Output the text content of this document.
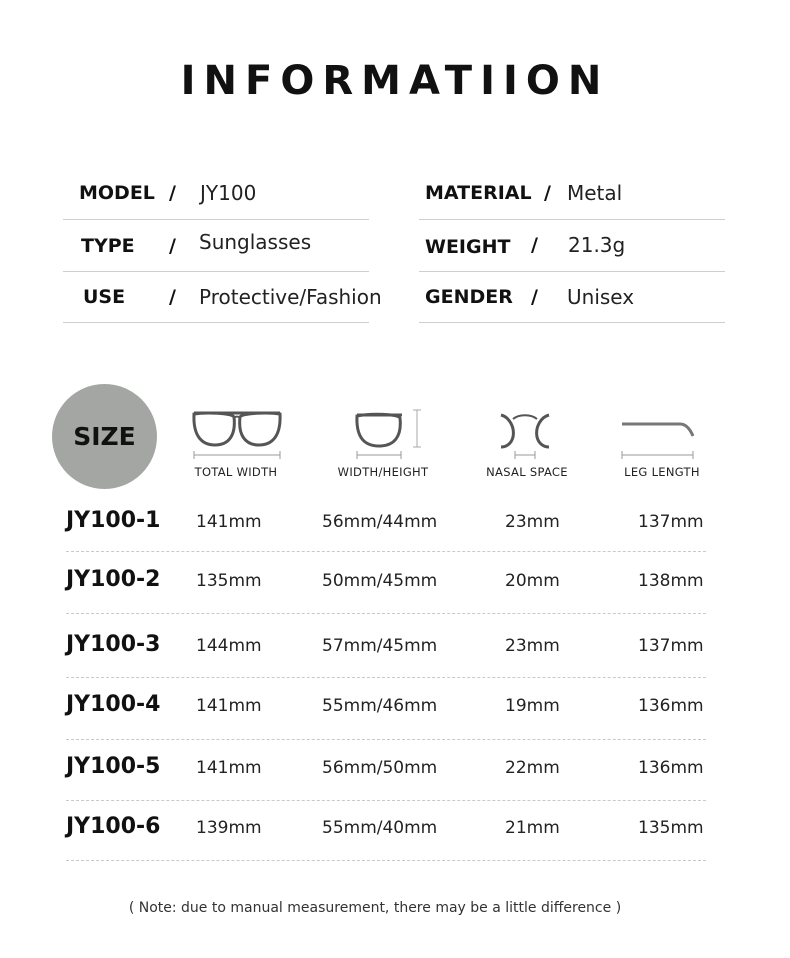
INFORMATIION
MODEL / JY100
TYPE / Sunglasses
USE / Protective/Fashion
MATERIAL / Metal
WEIGHT / 21.3g
GENDER / Unisex
SIZE
TOTAL WIDTH	WIDTH/HEIGHT	NASAL SPACE	LEG LENGTH
JY100-1 141mm	56mm/44mm	23mm	137mm
JY100-2 135mm	50mm/45mm	20mm	138mm
JY100-3 144mm	57mm/45mm	23mm	137mm
JY100-4 141mm	55mm/46mm	19mm	136mm
JY100-5 141mm	56mm/50mm	22mm	136mm
JY100-6 139mm	55mm/40mm	21mm	135mm
( Note: due to manual measurement, there may be a little difference )
